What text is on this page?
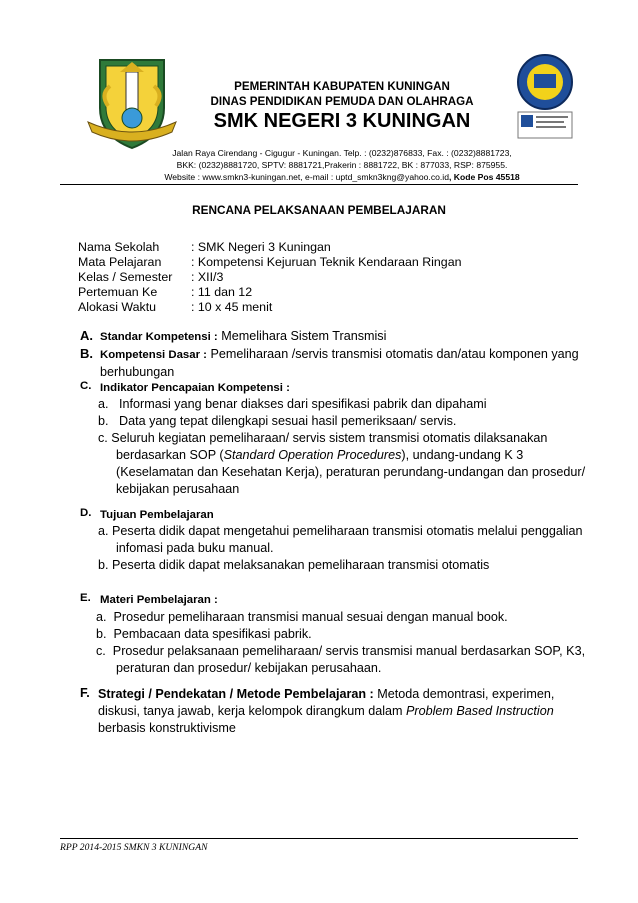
PEMERINTAH KABUPATEN KUNINGAN
DINAS PENDIDIKAN PEMUDA DAN OLAHRAGA
SMK NEGERI 3 KUNINGAN
Jalan Raya Cirendang - Cigugur - Kuningan. Telp. : (0232)876833, Fax. : (0232)8881723,
BKK: (0232)8881720, SPTV: 8881721,Prakerin : 8881722, BK : 877033, RSP: 875955.
Website : www.smkn3-kuningan.net, e-mail : uptd_smkn3kng@yahoo.co.id, Kode Pos 45518
RENCANA PELAKSANAAN PEMBELAJARAN
Nama Sekolah	: SMK Negeri 3 Kuningan
Mata Pelajaran : Kompetensi Kejuruan Teknik Kendaraan Ringan
Kelas / Semester : XII/3
Pertemuan Ke	: 11 dan 12
Alokasi Waktu	: 10 x 45 menit
A. Standar Kompetensi : Memelihara Sistem Transmisi
B. Kompetensi Dasar : Pemeliharaan /servis transmisi otomatis dan/atau komponen yang
berhubungan
C. Indikator Pencapaian Kompetensi :
a. Informasi yang benar diakses dari spesifikasi pabrik dan dipahami
b. Data yang tepat dilengkapi sesuai hasil pemeriksaan/ servis.
c. Seluruh kegiatan pemeliharaan/ servis sistem transmisi otomatis dilaksanakan
berdasarkan SOP (Standard Operation Procedures), undang-undang K 3
(Keselamatan dan Kesehatan Kerja), peraturan perundang-undangan dan prosedur/
kebijakan perusahaan
D. Tujuan Pembelajaran
a. Peserta didik dapat mengetahui pemeliharaan transmisi otomatis melalui penggalian
infomasi pada buku manual.
b. Peserta didik dapat melaksanakan pemeliharaan transmisi otomatis
E. Materi Pembelajaran :
a. Prosedur pemeliharaan transmisi manual sesuai dengan manual book.
b. Pembacaan data spesifikasi pabrik.
c. Prosedur pelaksanaan pemeliharaan/ servis transmisi manual berdasarkan SOP, K3,
peraturan dan prosedur/ kebijakan perusahaan.
F. Strategi / Pendekatan / Metode Pembelajaran : Metoda demontrasi, experimen,
diskusi, tanya jawab, kerja kelompok dirangkum dalam Problem Based Instruction
berbasis konstruktivisme
RPP 2014-2015 SMKN 3 KUNINGAN
